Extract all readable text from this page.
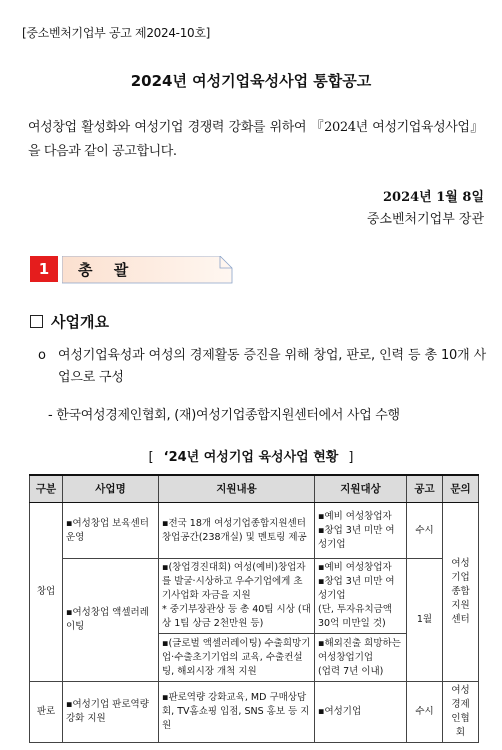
[중소벤처기업부 공고 제2024-10호]
2024년 여성기업육성사업 통합공고
여성창업 활성화와 여성기업 경쟁력 강화를 위하여 『2024년 여성기업육성사업』을 다음과 같이 공고합니다.
2024년 1월 8일
중소벤처기업부 장관
1	총 괄
사업개요
o 여성기업육성과 여성의 경제활동 증진을 위해 창업, 판로, 인력 등 총 10개 사업으로 구성
- 한국여성경제인협회, (재)여성기업종합지원센터에서 사업 수행
[ ‘24년 여성기업 육성사업 현황 ]
구분	사업명	지원내용	지원대상	공고	문의
창업	▪여성창업 보육센터 운영	▪전국 18개 여성기업종합지원센터 창업공간(238개실) 및 멘토링 제공	▪예비 여성창업자
▪창업 3년 미만 여성기업	수시	여성기업종합지원센터
	▪여성창업 액셀러레이팅	▪(창업경진대회) 여성(예비)창업자를 발굴·시상하고 우수기업에게 초기사업화 자금을 지원
* 중기부장관상 등 총 40팀 시상 (대상 1팀 상금 2천만원 등)	▪예비 여성창업자
▪창업 3년 미만 여성기업
(단, 투자유치금액 30억 미만일 것)	1월	
		▪(글로벌 액셀러레이팅) 수출희망기업·수출초기기업의 교육, 수출컨설팅, 해외시장 개척 지원	▪해외진출 희망하는 여성창업기업
(업력 7년 이내)		

판로	▪여성기업 판로역량 강화 지원	▪판로역량 강화교육, MD 구매상담회, TV홈쇼핑 입점, SNS 홍보 등 지원	▪여성기업	수시	여성경제인협회
